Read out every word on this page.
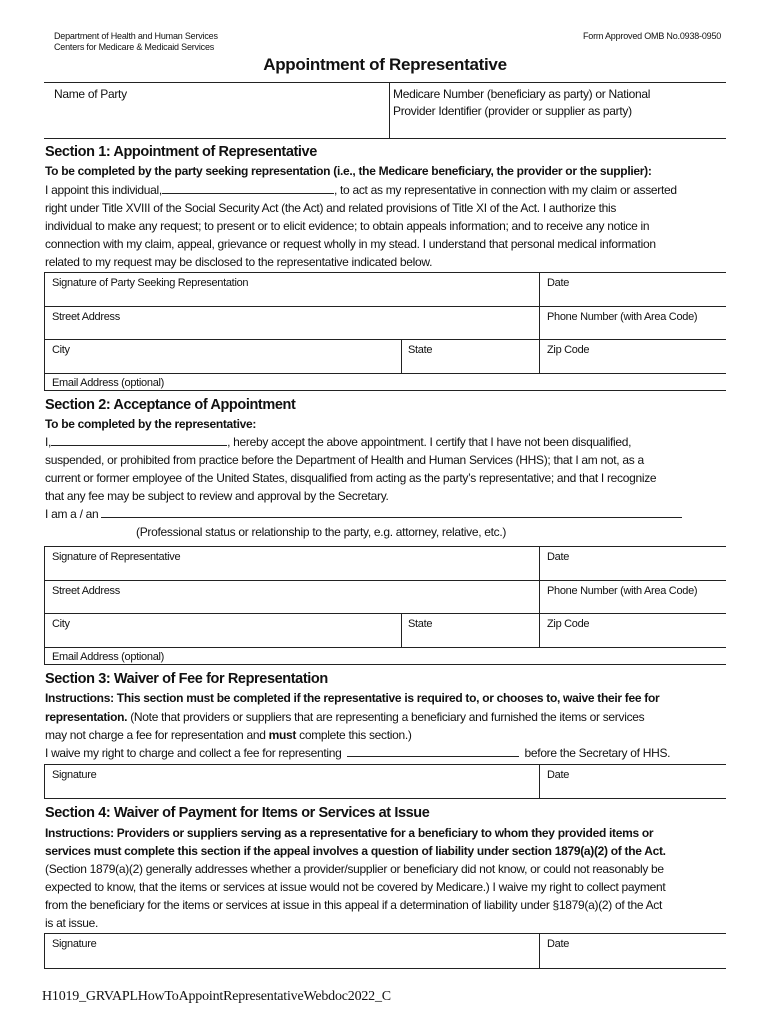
Department of Health and Human Services
Centers for Medicare & Medicaid Services
Form Approved OMB No.0938-0950
Appointment of Representative
Name of Party	Medicare Number (beneficiary as party) or National
Provider Identifier (provider or supplier as party)
Section 1: Appointment of Representative
To be completed by the party seeking representation (i.e., the Medicare beneficiary, the provider or the supplier):
I appoint this individual,	, to act as my representative in connection with my claim or asserted
right under Title XVIII of the Social Security Act (the Act) and related provisions of Title XI of the Act. I authorize this
individual to make any request; to present or to elicit evidence; to obtain appeals information; and to receive any notice in
connection with my claim, appeal, grievance or request wholly in my stead. I understand that personal medical information
related to my request may be disclosed to the representative indicated below.
Signature of Party Seeking Representation	Date
Street Address	Phone Number (with Area Code)
City	State	Zip Code
Email Address (optional)
Section 2: Acceptance of Appointment
To be completed by the representative:
I,	, hereby accept the above appointment. I certify that I have not been disqualified,
suspended, or prohibited from practice before the Department of Health and Human Services (HHS); that I am not, as a
current or former employee of the United States, disqualified from acting as the party’s representative; and that I recognize
that any fee may be subject to review and approval by the Secretary.
I am a / an
(Professional status or relationship to the party, e.g. attorney, relative, etc.)
Signature of Representative	Date
Street Address	Phone Number (with Area Code)
City	State	Zip Code
Email Address (optional)
Section 3: Waiver of Fee for Representation
Instructions: This section must be completed if the representative is required to, or chooses to, waive their fee for
representation. (Note that providers or suppliers that are representing a beneficiary and furnished the items or services
may not charge a fee for representation and must complete this section.)
I waive my right to charge and collect a fee for representing	before the Secretary of HHS.
Signature	Date
Section 4: Waiver of Payment for Items or Services at Issue
Instructions: Providers or suppliers serving as a representative for a beneficiary to whom they provided items or
services must complete this section if the appeal involves a question of liability under section 1879(a)(2) of the Act.
(Section 1879(a)(2) generally addresses whether a provider/supplier or beneficiary did not know, or could not reasonably be
expected to know, that the items or services at issue would not be covered by Medicare.) I waive my right to collect payment
from the beneficiary for the items or services at issue in this appeal if a determination of liability under §1879(a)(2) of the Act
is at issue.
Signature	Date
H1019_GRVAPLHowToAppointRepresentativeWebdoc2022_C
